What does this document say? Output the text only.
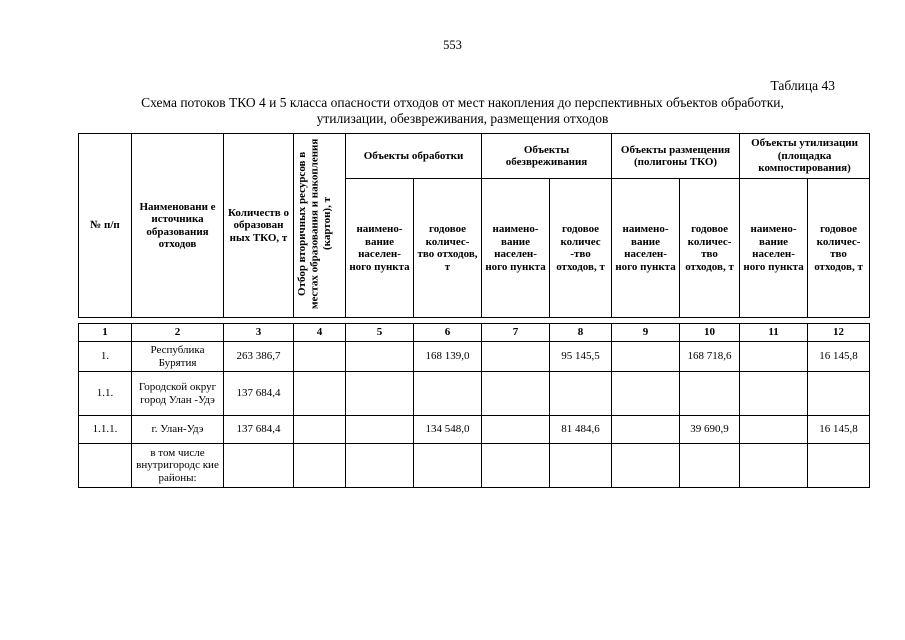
553
Таблица 43
Схема потоков ТКО 4 и 5 класса опасности отходов от мест накопления до перспективных объектов обработки,
утилизации, обезвреживания, размещения отходов
№ п/п	Наименовани е источника образования отходов	Количеств о образован ных ТКО, т	Отбор вторичных ресурсов в местах образования и накопления (картон), т	Объекты обработки		Объекты обезвреживания		Объекты размещения (полигоны ТКО)		Объекты утилизации (площадка компостирования)	
				наимено- вание населен- ного пункта	годовое количес- тво отходов, т	наимено- вание населен- ного пункта	годовое количес -тво отходов, т	наимено- вание населен- ного пункта	годовое количес- тво отходов, т	наимено- вание населен- ного пункта	годовое количес- тво отходов, т

1	2	3	4	5	6	7	8	9	10	11	12
1.	Республика Бурятия	263 386,7			168 139,0		95 145,5		168 718,6		16 145,8
1.1.	Городской округ город Улан -Удэ	137 684,4									
1.1.1.	г. Улан-Удэ	137 684,4			134 548,0		81 484,6		39 690,9		16 145,8
	в том числе внутригородс кие районы:										
